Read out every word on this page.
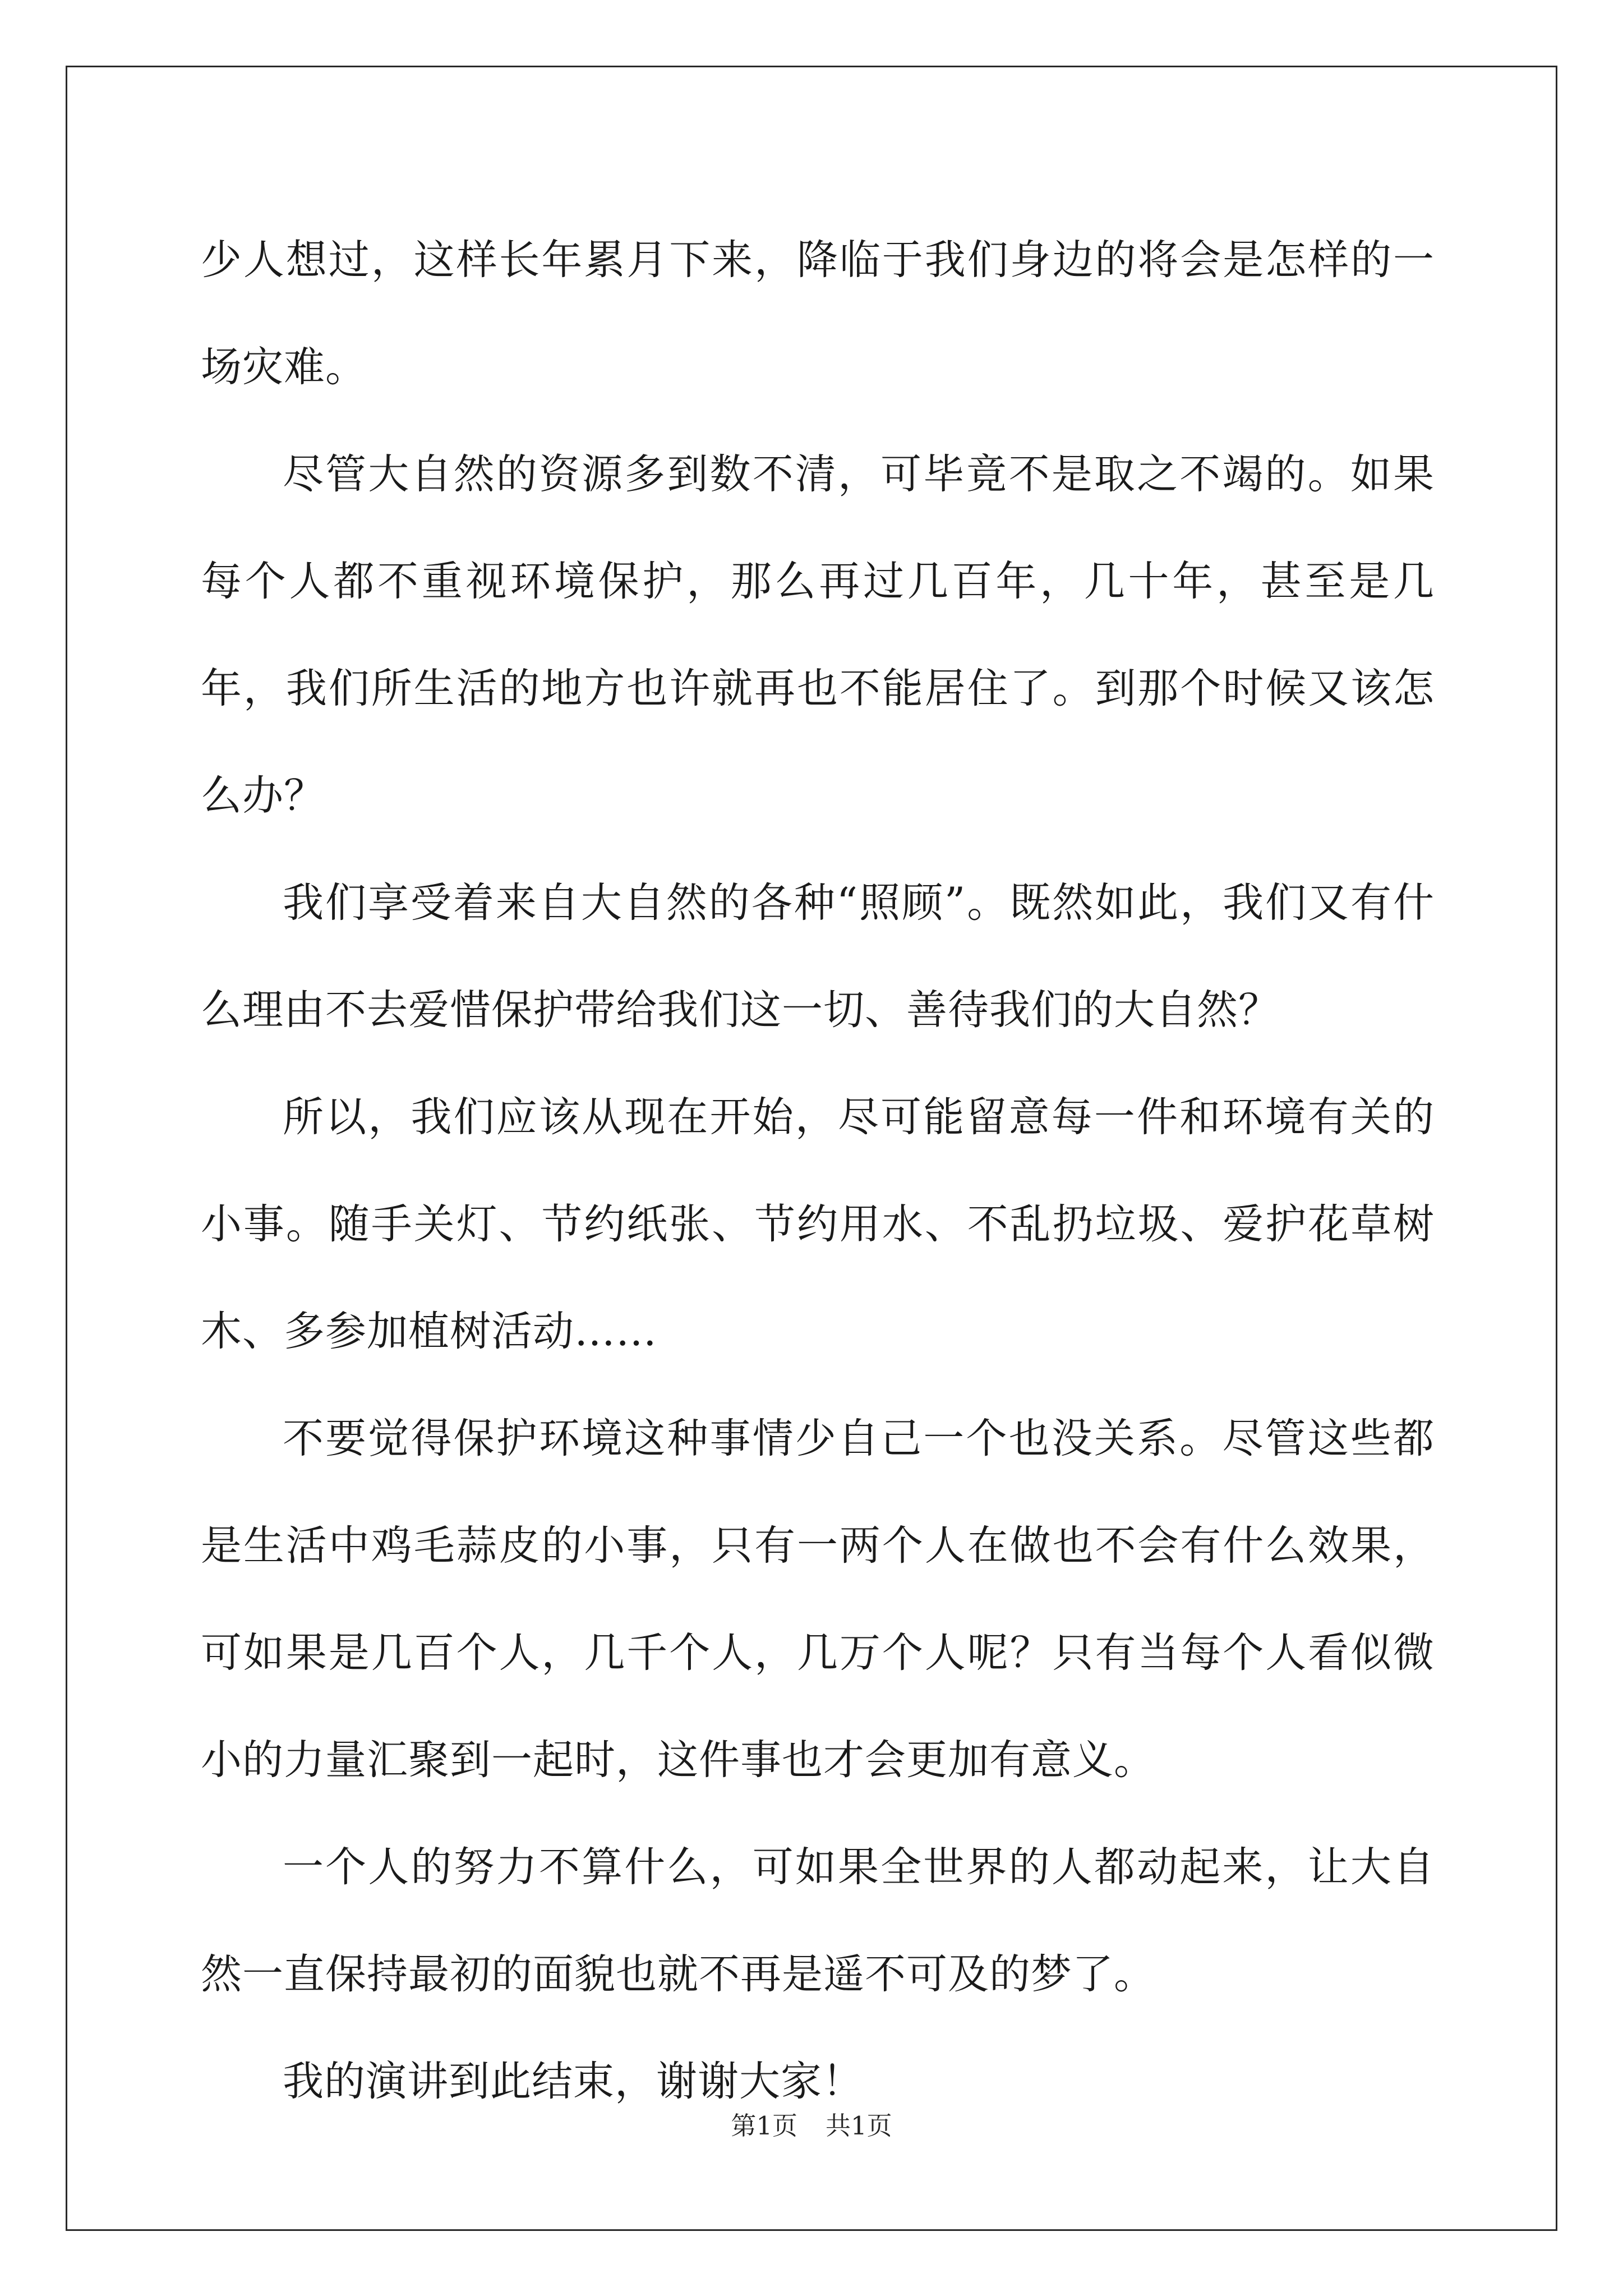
少人想过，这样长年累月下来，降临于我们身边的将会是怎样的一场灾难。

尽管大自然的资源多到数不清，可毕竟不是取之不竭的。如果每个人都不重视环境保护，那么再过几百年，几十年，甚至是几年，我们所生活的地方也许就再也不能居住了。到那个时候又该怎么办？

我们享受着来自大自然的各种“照顾”。既然如此，我们又有什么理由不去爱惜保护带给我们这一切、善待我们的大自然？

所以，我们应该从现在开始，尽可能留意每一件和环境有关的小事。随手关灯、节约纸张、节约用水、不乱扔垃圾、爱护花草树木、多参加植树活动……

不要觉得保护环境这种事情少自己一个也没关系。尽管这些都是生活中鸡毛蒜皮的小事，只有一两个人在做也不会有什么效果，可如果是几百个人，几千个人，几万个人呢？只有当每个人看似微小的力量汇聚到一起时，这件事也才会更加有意义。

一个人的努力不算什么，可如果全世界的人都动起来，让大自然一直保持最初的面貌也就不再是遥不可及的梦了。

我的演讲到此结束，谢谢大家！

第1页 共1页
